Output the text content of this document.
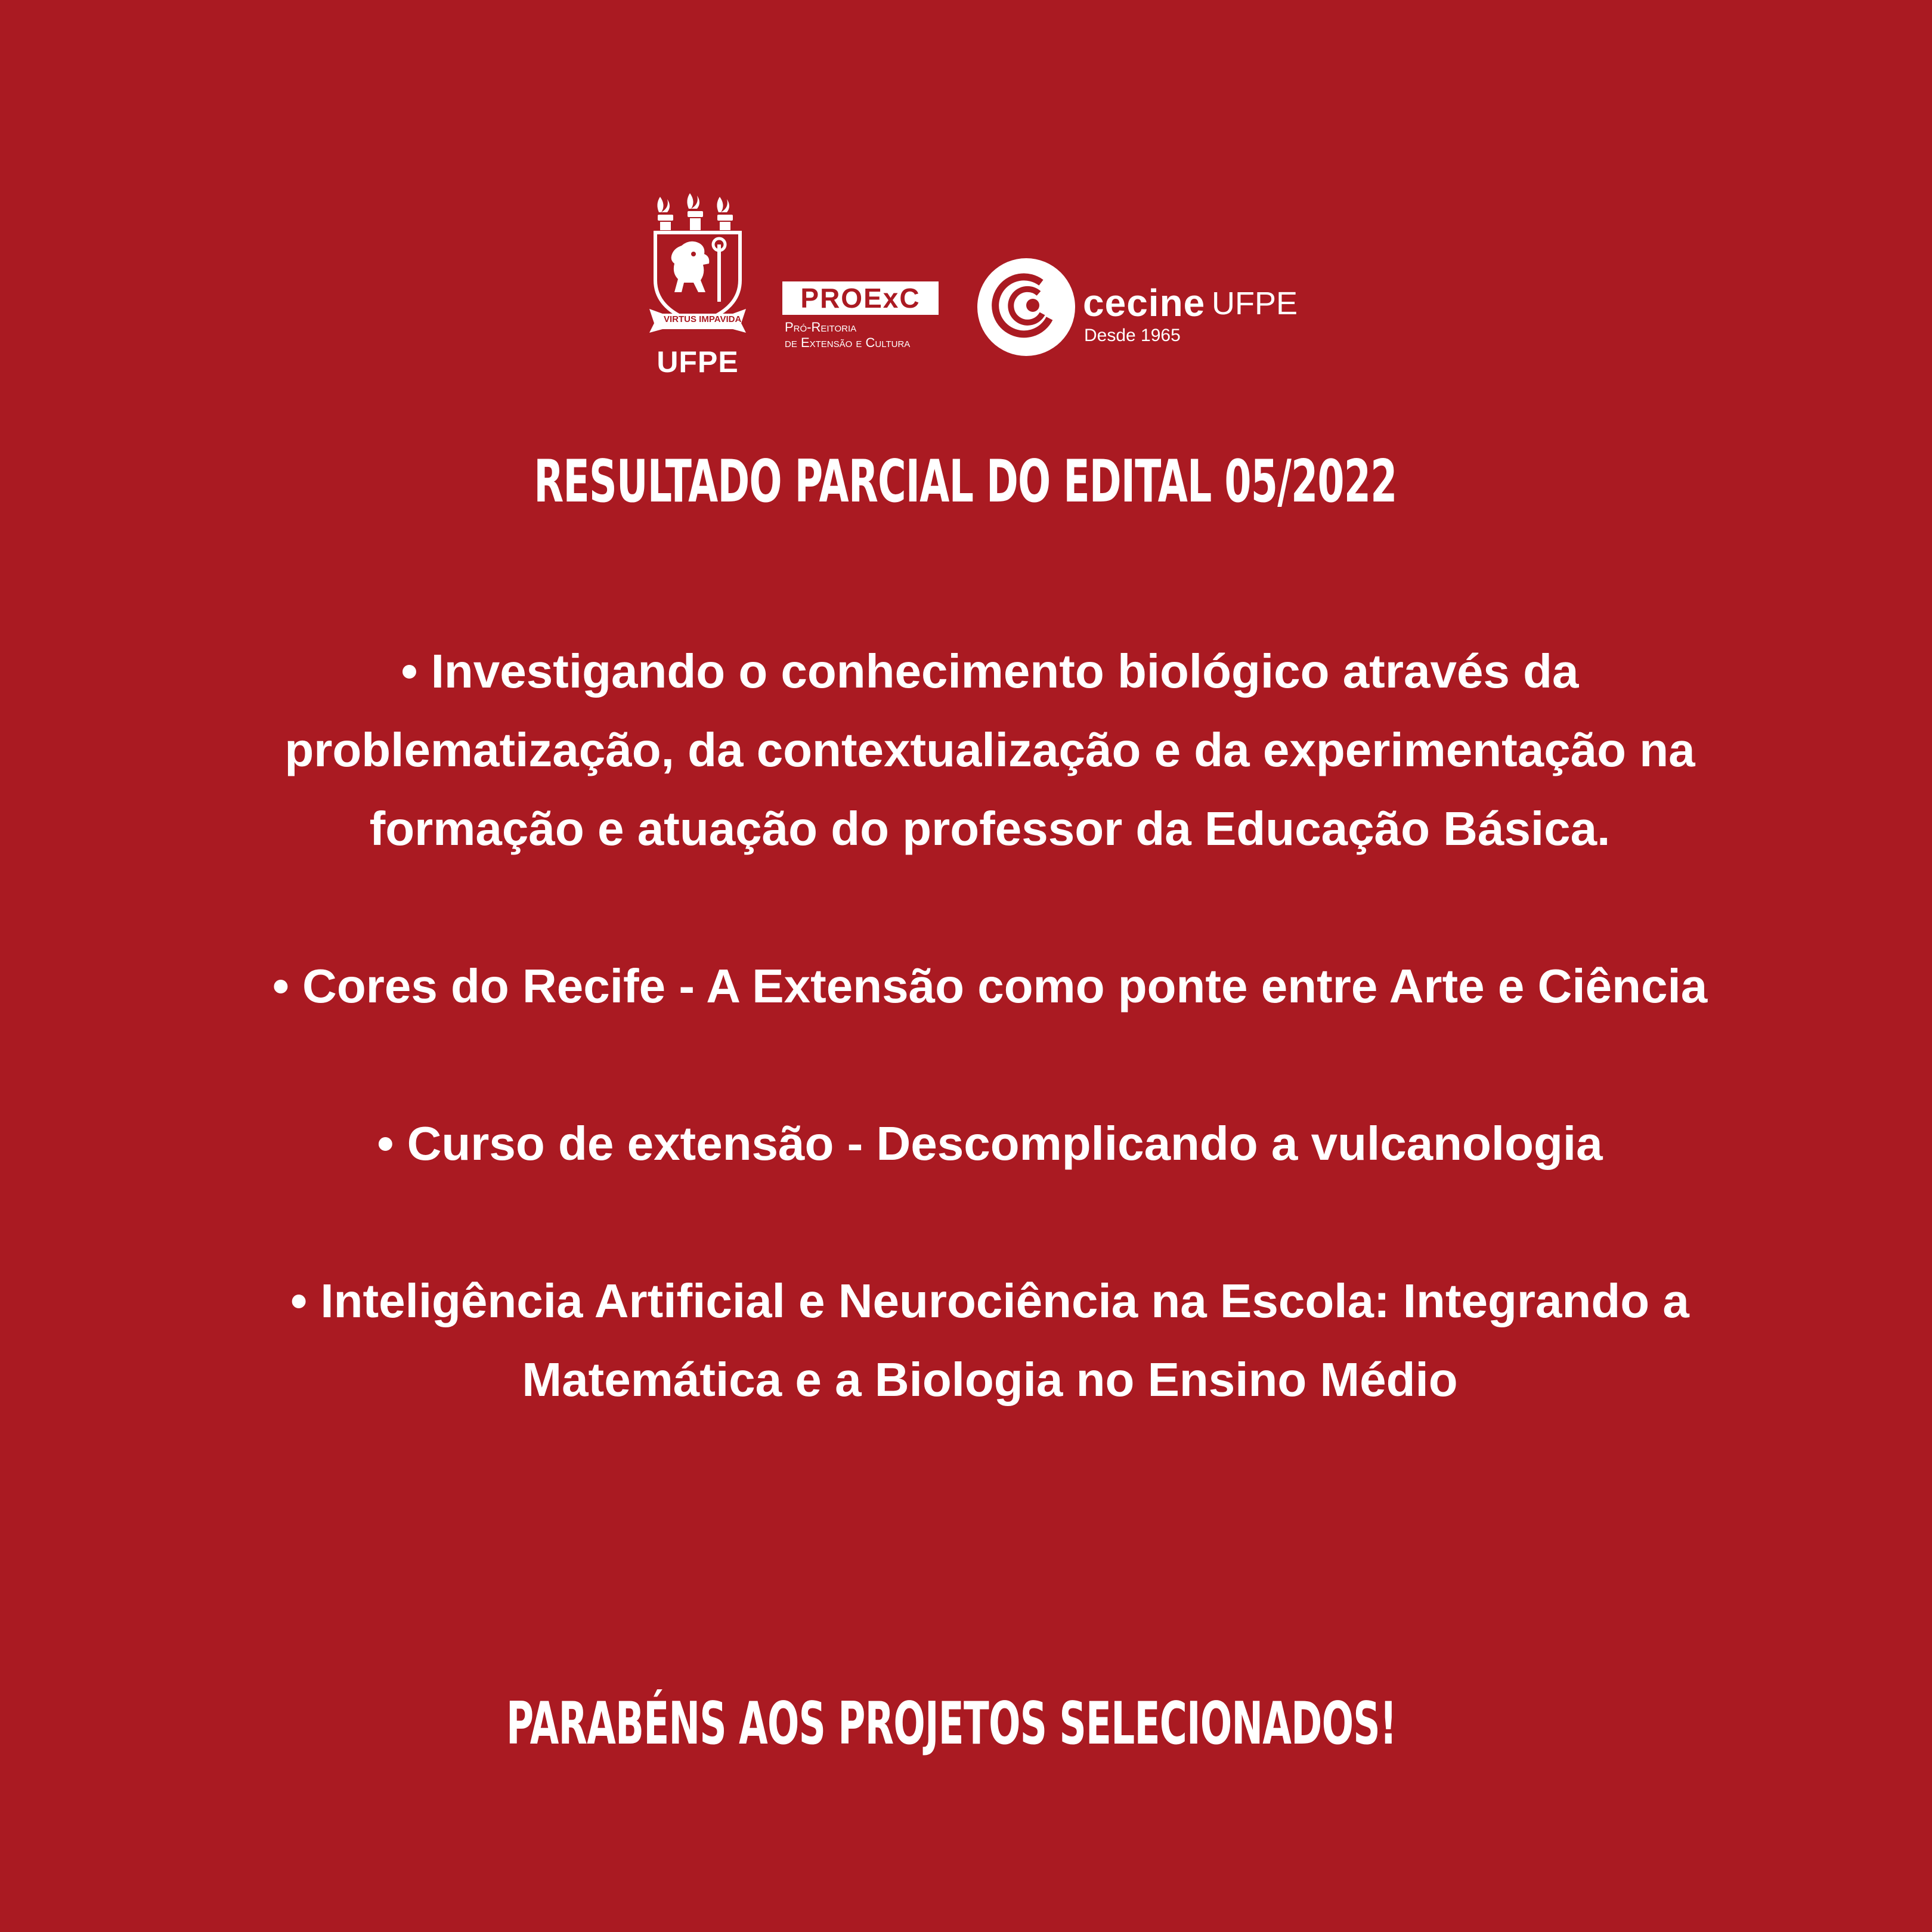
VIRTUS IMPAVIDA
UFPE
PROExC
Pró-Reitoria
de Extensão e Cultura
cecine UFPE
Desde 1965
RESULTADO PARCIAL DO EDITAL 05/2022
• Investigando o conhecimento biológico através da problematização, da contextualização e da experimentação na formação e atuação do professor da Educação Básica.
• Cores do Recife - A Extensão como ponte entre Arte e Ciência
• Curso de extensão - Descomplicando a vulcanologia
• Inteligência Artificial e Neurociência na Escola: Integrando a Matemática e a Biologia no Ensino Médio
PARABÉNS AOS PROJETOS SELECIONADOS!
